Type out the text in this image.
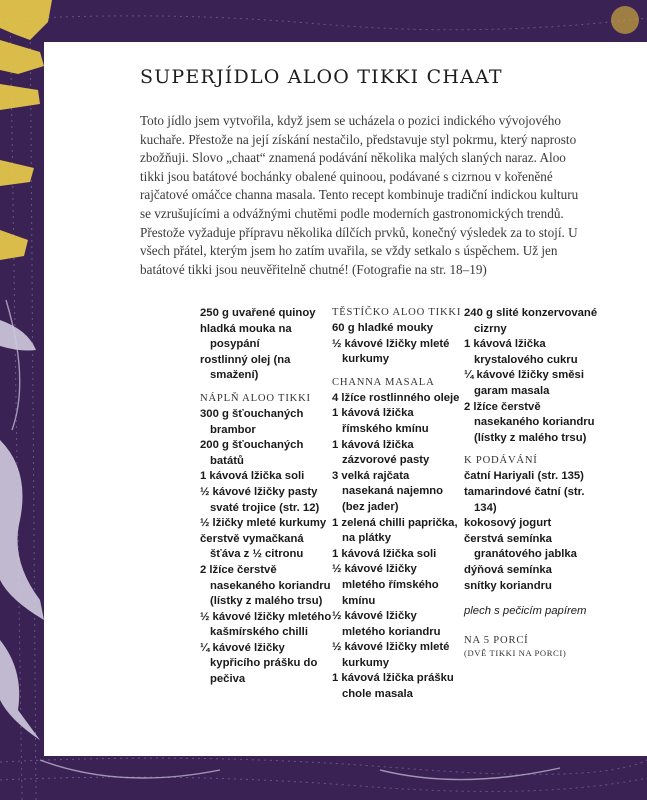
SUPERJÍDLO ALOO TIKKI CHAAT

Toto jídlo jsem vytvořila, když jsem se ucházela o pozici indického vývojového kuchaře. Přestože na její získání nestačilo, představuje styl pokrmu, který naprosto zbožňuji. Slovo „chaat“ znamená podávání několika malých slaných naraz. Aloo tikki jsou batátové bochánky obalené quinoou, podávané s cizrnou v kořeněné rajčatové omáčce channa masala. Tento recept kombinuje tradiční indickou kulturu se vzrušujícími a odvážnými chutěmi podle moderních gastronomických trendů. Přestože vyžaduje přípravu několika dílčích prvků, konečný výsledek za to stojí. U všech přátel, kterým jsem ho zatím uvařila, se vždy setkalo s úspěchem. Už jen batátové tikki jsou neuvěřitelně chutné! (Fotografie na str. 18–19)

250 g uvařené quinoy

hladká mouka na posypání

rostlinný olej (na smažení)

NÁPLŇ ALOO TIKKI

300 g šťouchaných brambor

200 g šťouchaných batátů

1 kávová lžička soli

½ kávové lžičky pasty svaté trojice (str. 12)

½ lžičky mleté kurkumy

čerstvě vymačkaná šťáva z ½ citronu

2 lžíce čerstvě nasekaného koriandru (lístky z malého trsu)

½ kávové lžičky mletého kašmírského chilli

¼ kávové lžičky kypřicího prášku do pečiva

TĚSTÍČKO ALOO TIKKI

60 g hladké mouky

½ kávové lžičky mleté kurkumy

CHANNA MASALA

4 lžíce rostlinného oleje

1 kávová lžička římského kmínu

1 kávová lžička zázvorové pasty

3 velká rajčata nasekaná najemno (bez jader)

1 zelená chilli paprička, na plátky

1 kávová lžička soli

½ kávové lžičky mletého římského kmínu

½ kávové lžičky mletého koriandru

½ kávové lžičky mleté kurkumy

1 kávová lžička prášku chole masala

240 g slité konzervované cizrny

1 kávová lžička krystalového cukru

¼ kávové lžičky směsi garam masala

2 lžíce čerstvě nasekaného koriandru (lístky z malého trsu)

K PODÁVÁNÍ

čatní Hariyali (str. 135)

tamarindové čatní (str. 134)

kokosový jogurt

čerstvá semínka granátového jablka

dýňová semínka

snítky koriandru

plech s pečicím papírem
NA 5 PORCÍ
(DVĚ TIKKI NA PORCI)
